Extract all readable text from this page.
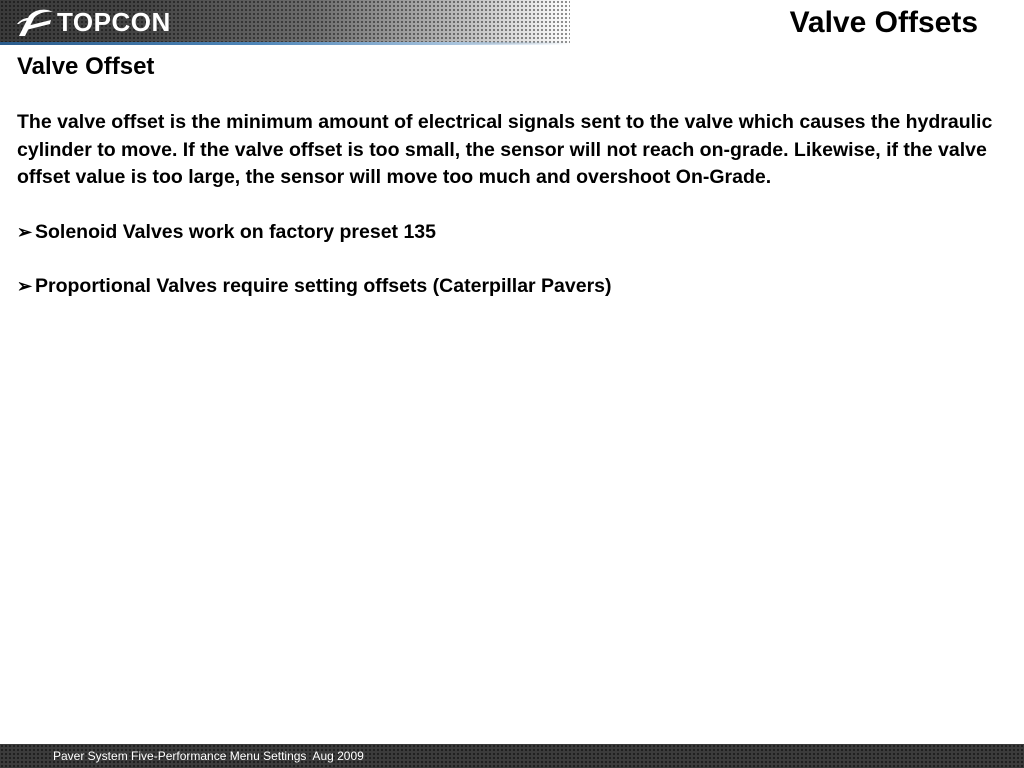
TOPCON	Valve Offsets
Valve Offset

The valve offset is the minimum amount of electrical signals sent to the valve which causes the hydraulic cylinder to move. If the valve offset is too small, the sensor will not reach on-grade. Likewise, if the valve offset value is too large, the sensor will move too much and overshoot On-Grade.

➢ Solenoid Valves work on factory preset 135
➢ Proportional Valves require setting offsets (Caterpillar Pavers)
Paver System Five-Performance Menu Settings  Aug 2009
